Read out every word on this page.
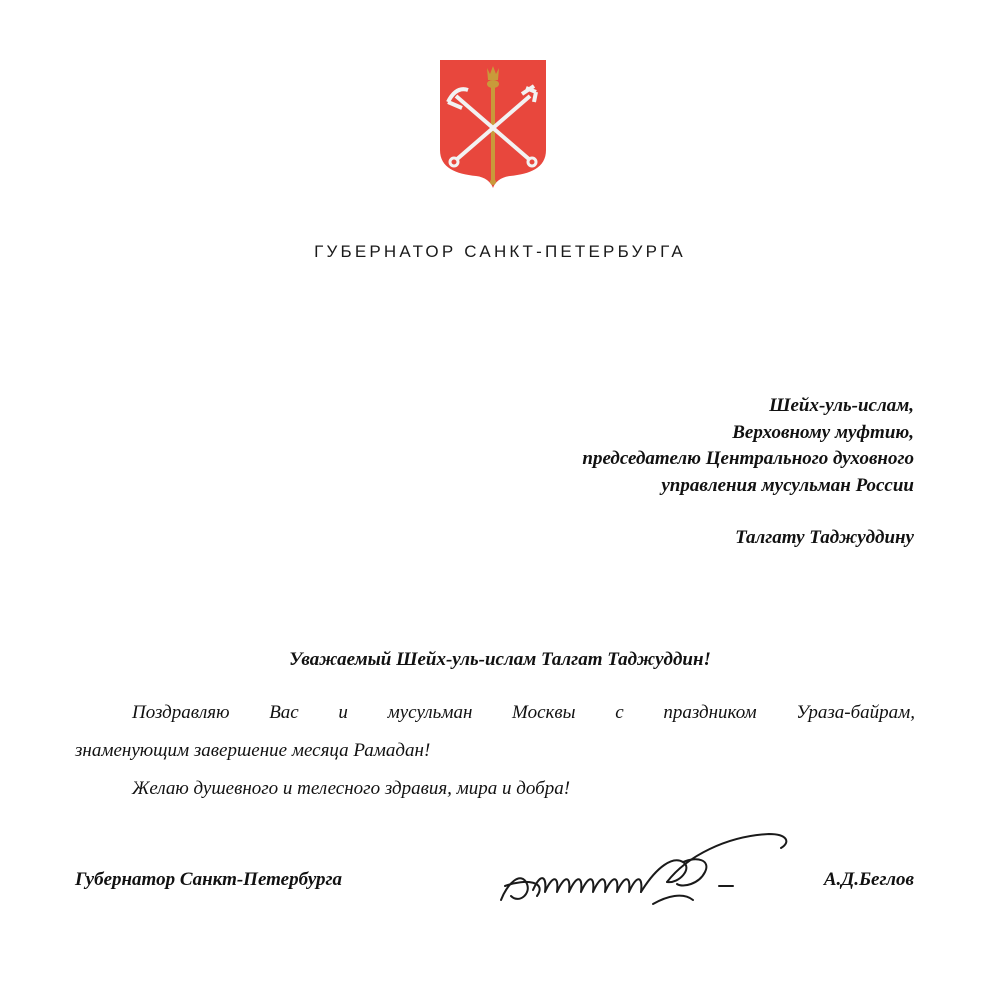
ГУБЕРНАТОР САНКТ-ПЕТЕРБУРГА
Шейх-уль-ислам,
Верховному муфтию,
председателю Центрального духовного
управления мусульман России
Талгату Таджуддину
Уважаемый Шейх-уль-ислам Талгат Таджуддин!
Поздравляю Вас и мусульман Москвы с праздником Ураза-байрам,
знаменующим завершение месяца Рамадан!
Желаю душевного и телесного здравия, мира и добра!
Губернатор Санкт-Петербурга	А.Д.Беглов
